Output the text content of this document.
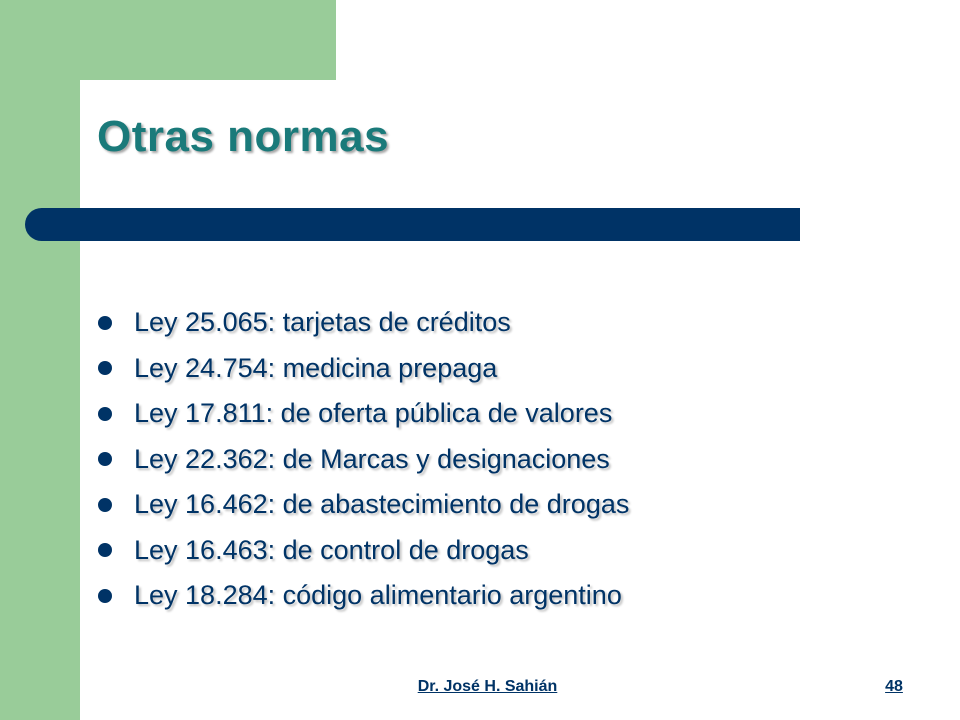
Otras normas
Ley 25.065: tarjetas de créditos
Ley 24.754: medicina prepaga
Ley 17.811: de oferta pública de valores
Ley 22.362: de Marcas y designaciones
Ley 16.462: de abastecimiento de drogas
Ley 16.463: de control de drogas
Ley 18.284: código alimentario argentino
Dr. José H. Sahián	48
